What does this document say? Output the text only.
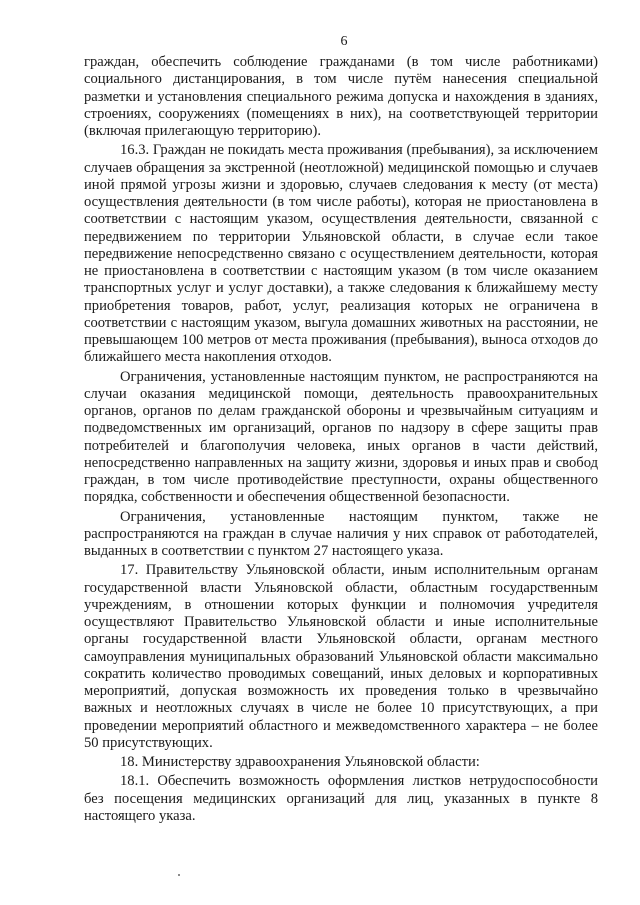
6

граждан, обеспечить соблюдение гражданами (в том числе работниками) социального дистанцирования, в том числе путём нанесения специальной разметки и установления специального режима допуска и нахождения в зданиях, строениях, сооружениях (помещениях в них), на соответствующей территории (включая прилегающую территорию).

16.3. Граждан не покидать места проживания (пребывания), за исключением случаев обращения за экстренной (неотложной) медицинской помощью и случаев иной прямой угрозы жизни и здоровью, случаев следования к месту (от места) осуществления деятельности (в том числе работы), которая не приостановлена в соответствии с настоящим указом, осуществления деятельности, связанной с передвижением по территории Ульяновской области, в случае если такое передвижение непосредственно связано с осуществлением деятельности, которая не приостановлена в соответствии с настоящим указом (в том числе оказанием транспортных услуг и услуг доставки), а также следования к ближайшему месту приобретения товаров, работ, услуг, реализация которых не ограничена в соответствии с настоящим указом, выгула домашних животных на расстоянии, не превышающем 100 метров от места проживания (пребывания), выноса отходов до ближайшего места накопления отходов.

Ограничения, установленные настоящим пунктом, не распространяются на случаи оказания медицинской помощи, деятельность правоохранительных органов, органов по делам гражданской обороны и чрезвычайным ситуациям и подведомственных им организаций, органов по надзору в сфере защиты прав потребителей и благополучия человека, иных органов в части действий, непосредственно направленных на защиту жизни, здоровья и иных прав и свобод граждан, в том числе противодействие преступности, охраны общественного порядка, собственности и обеспечения общественной безопасности.

Ограничения, установленные настоящим пунктом, также не распространяются на граждан в случае наличия у них справок от работодателей, выданных в соответствии с пунктом 27 настоящего указа.

17. Правительству Ульяновской области, иным исполнительным органам государственной власти Ульяновской области, областным государственным учреждениям, в отношении которых функции и полномочия учредителя осуществляют Правительство Ульяновской области и иные исполнительные органы государственной власти Ульяновской области, органам местного самоуправления муниципальных образований Ульяновской области максимально сократить количество проводимых совещаний, иных деловых и корпоративных мероприятий, допуская возможность их проведения только в чрезвычайно важных и неотложных случаях в числе не более 10 присутствующих, а при проведении мероприятий областного и межведомственного характера – не более 50 присутствующих.

18. Министерству здравоохранения Ульяновской области:

18.1. Обеспечить возможность оформления листков нетрудоспособности без посещения медицинских организаций для лиц, указанных в пункте 8 настоящего указа.
